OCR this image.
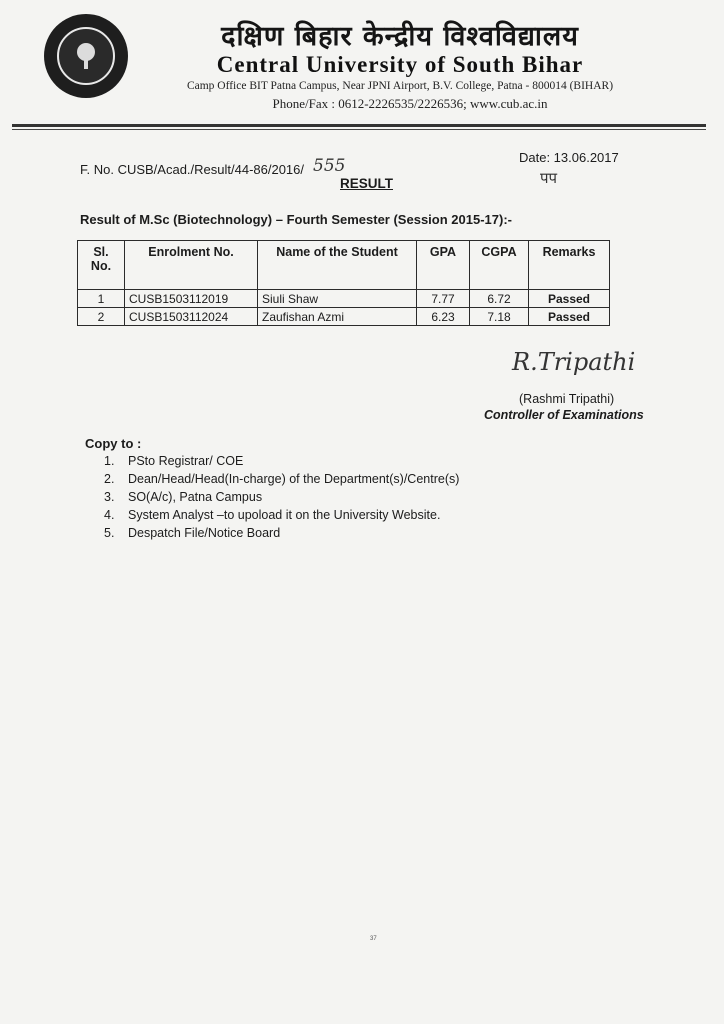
दक्षिण बिहार केन्द्रीय विश्वविद्यालय
Central University of South Bihar
Camp Office BIT Patna Campus, Near JPNI Airport, B.V. College, Patna - 800014 (BIHAR)
Phone/Fax : 0612-2226535/2226536; www.cub.ac.in
F. No. CUSB/Acad./Result/44-86/2016/ 555	Date: 13.06.2017
पप
RESULT
Result of M.Sc (Biotechnology) – Fourth Semester (Session 2015-17):-
Sl.
No.	Enrolment No.	Name of the Student	GPA	CGPA	Remarks
1	CUSB1503112019	Siuli Shaw	7.77	6.72	Passed
2	CUSB1503112024	Zaufishan Azmi	6.23	7.18	Passed
R.Tripathi
(Rashmi Tripathi)
Controller of Examinations
Copy to :
1. PSto Registrar/ COE
2. Dean/Head/Head(In-charge) of the Department(s)/Centre(s)
3. SO(A/c), Patna Campus
4. System Analyst –to upoload it on the University Website.
5. Despatch File/Notice Board
37
